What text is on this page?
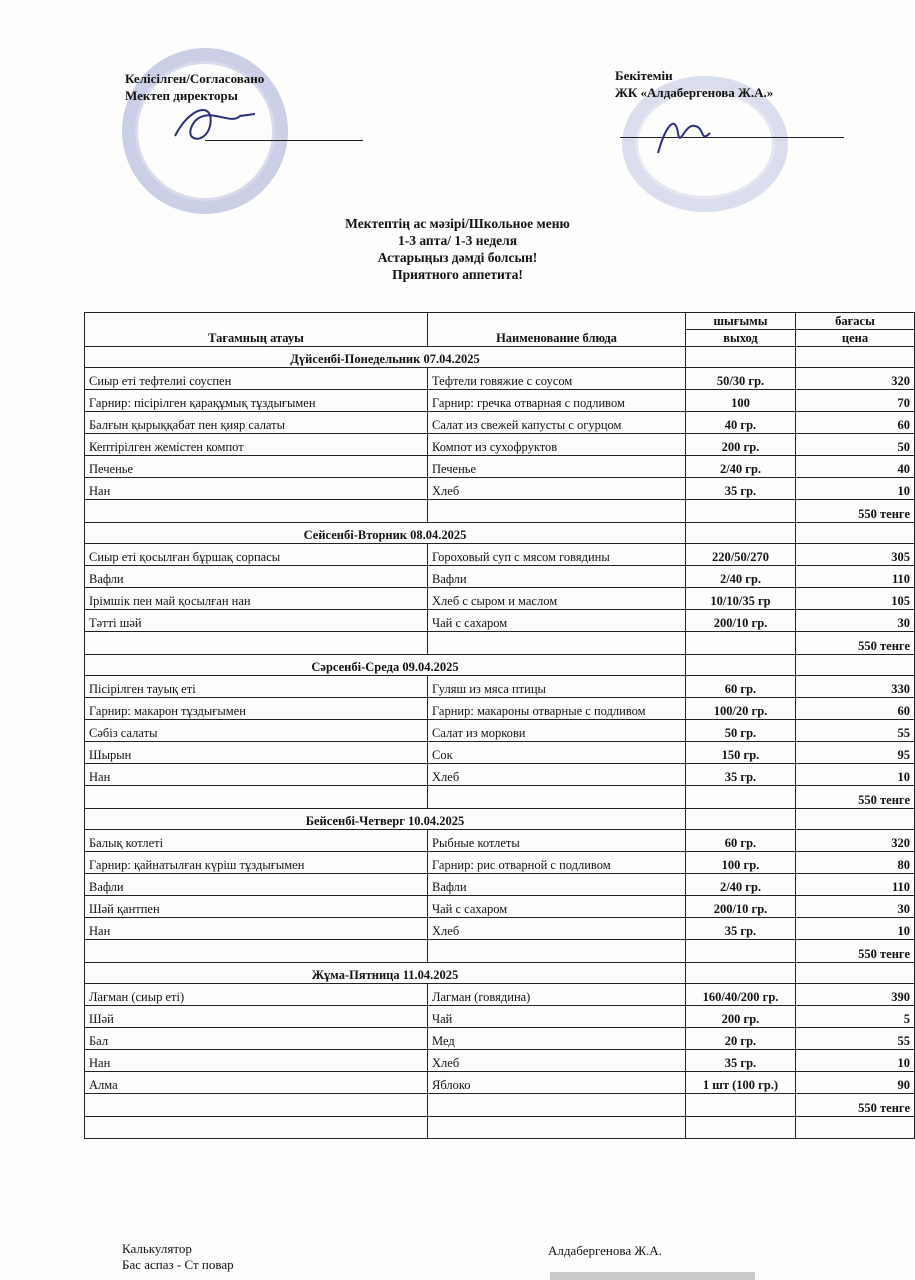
Келісілген/Согласовано
Мектеп директоры
Бекітемін
ЖК «Алдабергенова Ж.А.»
Мектептің ас мәзірі/Школьное меню
1-3 апта/ 1-3 неделя
Астарыңыз дәмді болсын!
Приятного аппетита!
Тағамның атауы	Наименование блюда	шығымы	бағасы
		выход	цена
Дүйсенбі-Понедельник 07.04.2025			
Сиыр еті тефтелиі соуспен	Тефтели говяжие с соусом	50/30 гр.	320
Гарнир: пісірілген қарақұмық тұздығымен	Гарнир: гречка отварная с подливом	100	70
Балғын қырыққабат пен қияр салаты	Салат из свежей капусты с огурцом	40 гр.	60
Кептірілген жемістен компот	Компот из сухофруктов	200 гр.	50
Печенье	Печенье	2/40 гр.	40
Нан	Хлеб	35 гр.	10
			550 тенге
Сейсенбі-Вторник 08.04.2025			
Сиыр еті қосылған бұршақ сорпасы	Гороховый суп с мясом говядины	220/50/270	305
Вафли	Вафли	2/40 гр.	110
Ірімшік пен май қосылған нан	Хлеб с сыром и маслом	10/10/35 гр	105
Тәтті шәй	Чай с сахаром	200/10 гр.	30
			550 тенге
Сәрсенбі-Среда 09.04.2025			
Пісірілген тауық еті	Гуляш из мяса птицы	60 гр.	330
Гарнир: макарон тұздығымен	Гарнир: макароны отварные с подливом	100/20 гр.	60
Сәбіз салаты	Салат из моркови	50 гр.	55
Шырын	Сок	150 гр.	95
Нан	Хлеб	35 гр.	10
			550 тенге
Бейсенбі-Четверг 10.04.2025			
Балық котлеті	Рыбные котлеты	60 гр.	320
Гарнир: қайнатылған күріш тұздығымен	Гарнир: рис отварной с подливом	100 гр.	80
Вафли	Вафли	2/40 гр.	110
Шәй қантпен	Чай с сахаром	200/10 гр.	30
Нан	Хлеб	35 гр.	10
			550 тенге
Жұма-Пятница 11.04.2025			
Лағман (сиыр еті)	Лагман (говядина)	160/40/200 гр.	390
Шәй	Чай	200 гр.	5
Бал	Мед	20 гр.	55
Нан	Хлеб	35 гр.	10
Алма	Яблоко	1 шт (100 гр.)	90
			550 тенге

Калькулятор
Бас аспаз - Ст повар
Алдабергенова Ж.А.
